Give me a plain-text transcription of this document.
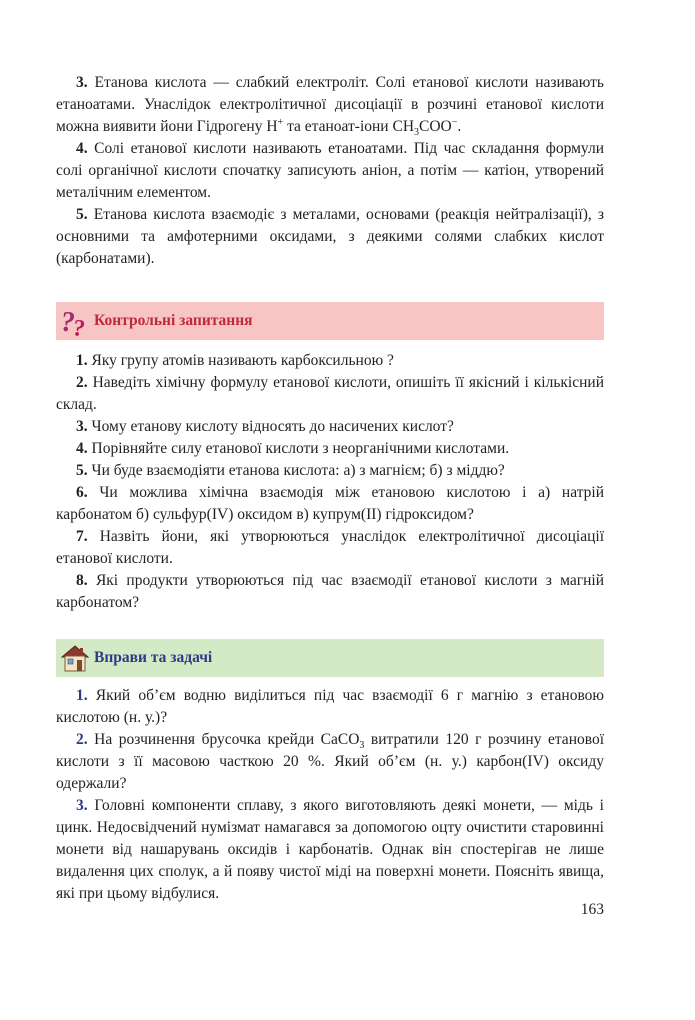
3. Етанова кислота — слабкий електроліт. Солі етанової кислоти називають етаноатами. Унаслідок електролітичної дисоціації в розчині етанової кислоти можна виявити йони Гідрогену H+ та етаноат-іони $CH_3COO^-$.

4. Солі етанової кислоти називають етаноатами. Під час складання формули солі органічної кислоти спочатку записують аніон, а потім — катіон, утворений металічним елементом.

5. Етанова кислота взаємодіє з металами, основами (реакція нейтралізації), з основними та амфотерними оксидами, з деякими солями слабких кислот (карбонатами).

?
? Контрольні запитання

1. Яку групу атомів називають карбоксильною ?

2. Наведіть хімічну формулу етанової кислоти, опишіть її якісний і кількісний склад.

3. Чому етанову кислоту відносять до насичених кислот?

4. Порівняйте силу етанової кислоти з неорганічними кислотами.

5. Чи буде взаємодіяти етанова кислота: а) з магнієм; б) з міддю?

6. Чи можлива хімічна взаємодія між етановою кислотою і а) натрій карбонатом б) сульфур(IV) оксидом в) купрум(II) гідроксидом?

7. Назвіть йони, які утворюються унаслідок електролітичної дисоціації етанової кислоти.

8. Які продукти утворюються під час взаємодії етанової кислоти з магній карбонатом?

Вправи та задачі

1. Який об’єм водню виділиться під час взаємодії 6 г магнію з етановою кислотою (н. у.)?

2. На розчинення брусочка крейди CaCO$_3$ витратили 120 г розчину етанової кислоти з її масовою часткою 20 %. Який об’єм (н. у.) карбон(IV) оксиду одержали?

3. Головні компоненти сплаву, з якого виготовляють деякі монети, — мідь і цинк. Недосвідчений нумізмат намагався за допомогою оцту очистити старовинні монети від нашарувань оксидів і карбонатів. Однак він спостерігав не лише видалення цих сполук, а й появу чистої міді на поверхні монети. Поясніть явища, які при цьому відбулися.

163
